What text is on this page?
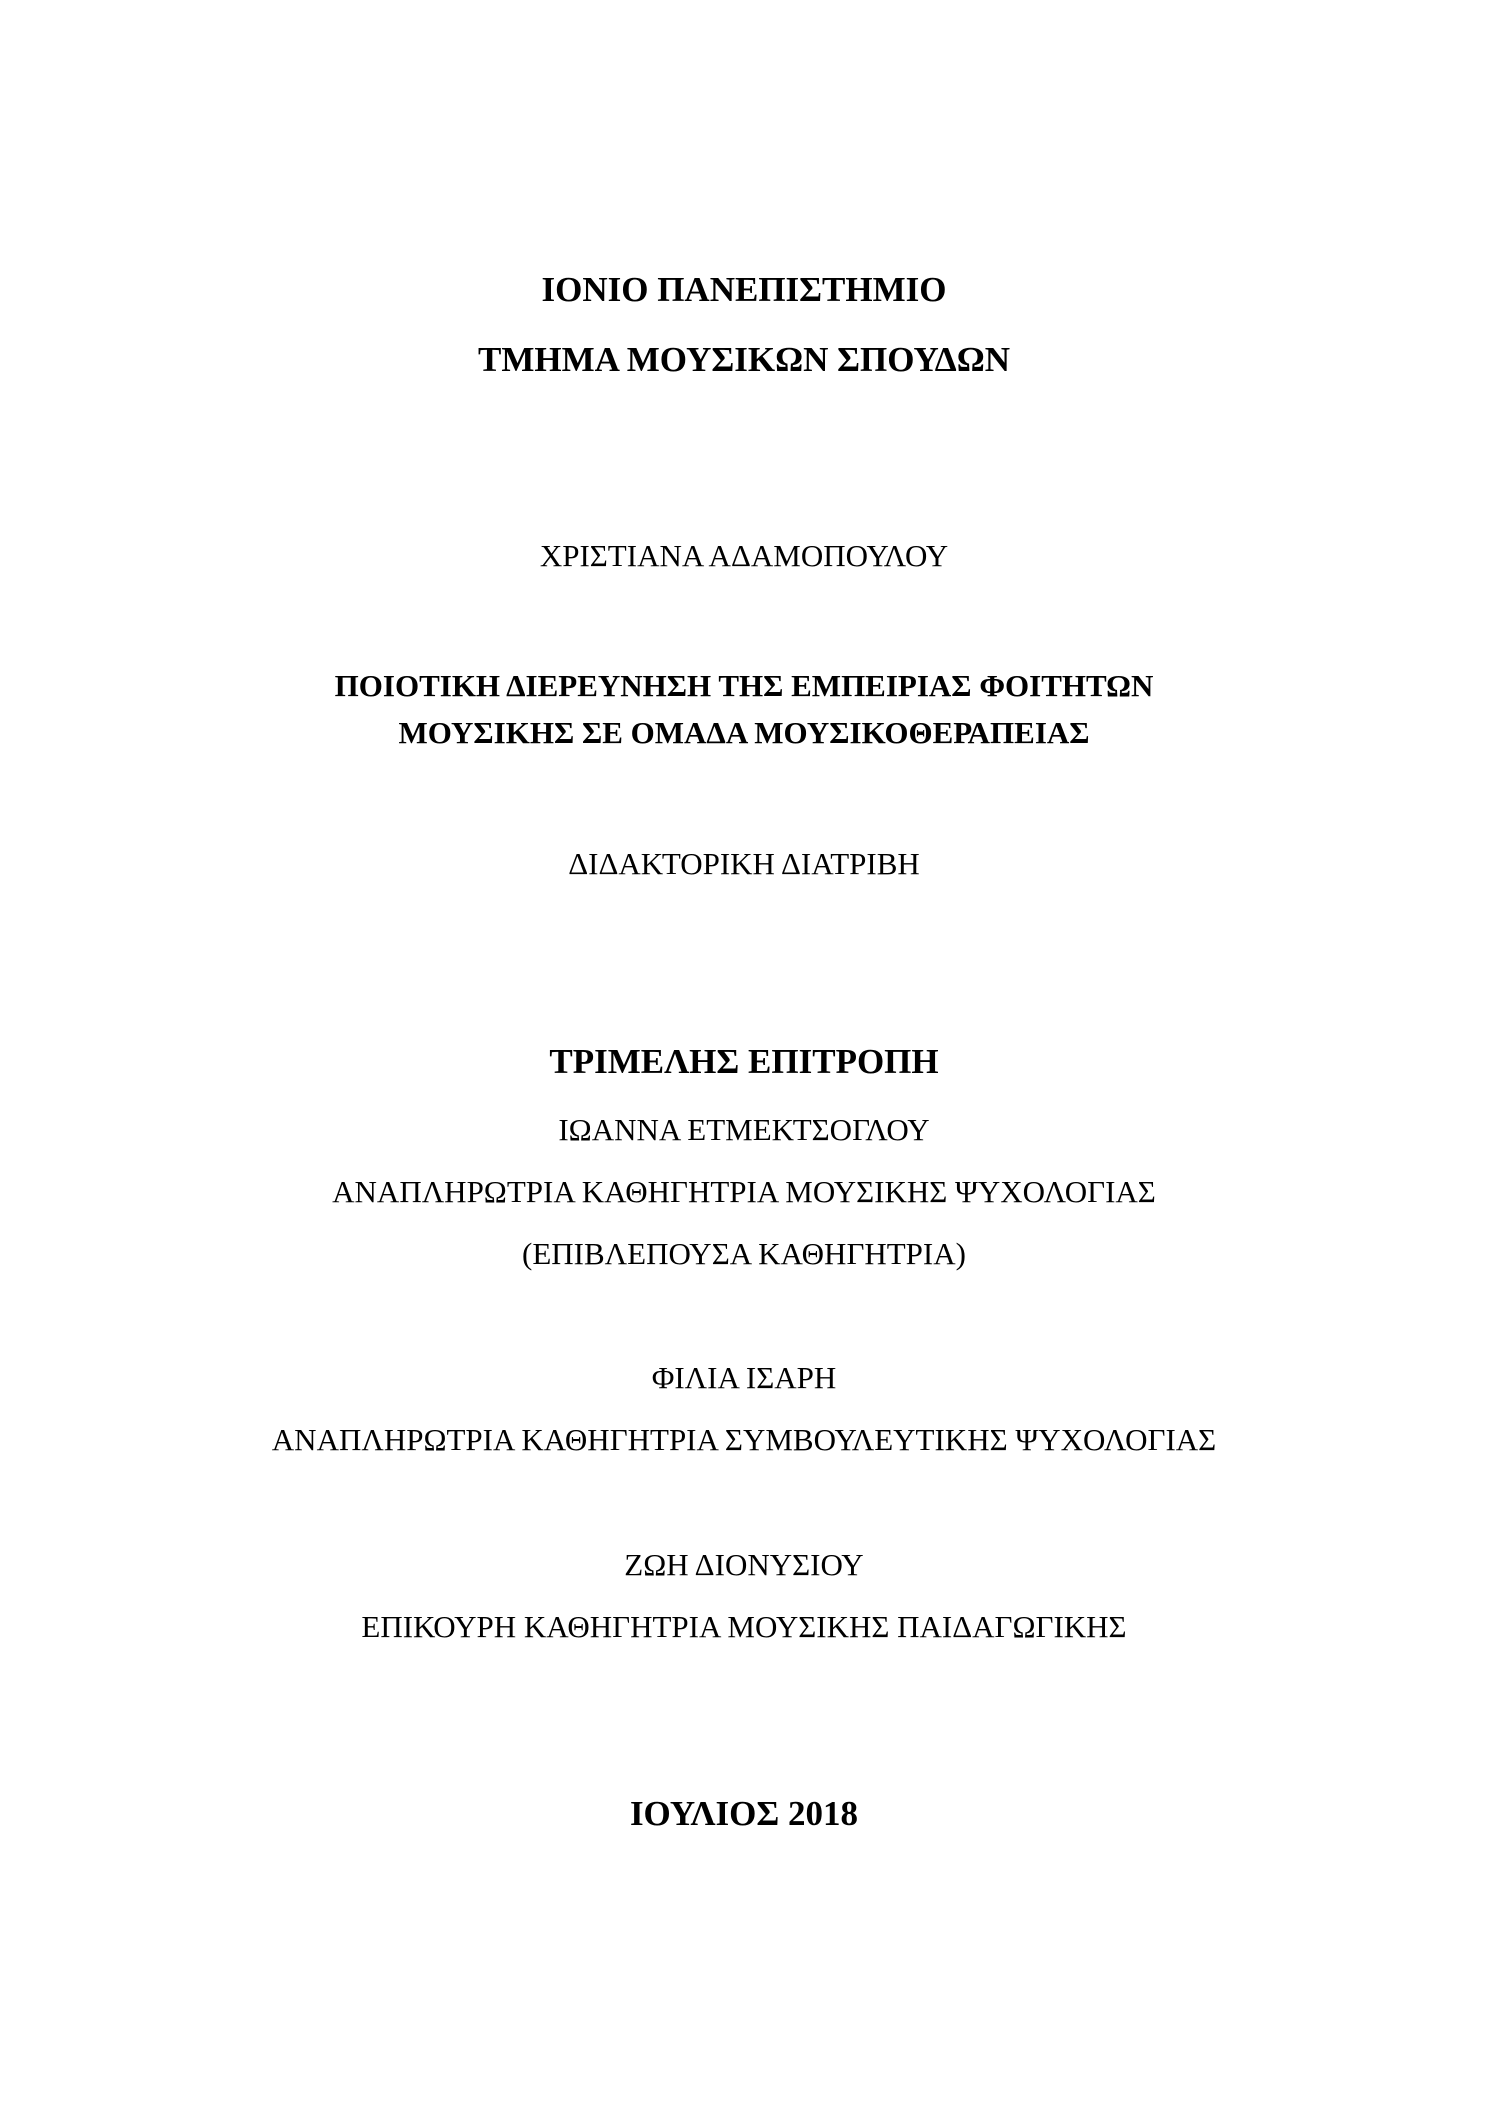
ΙΟΝΙΟ ΠΑΝΕΠΙΣΤΗΜΙΟ
ΤΜΗΜΑ ΜΟΥΣΙΚΩΝ ΣΠΟΥΔΩΝ
ΧΡΙΣΤΙΑΝΑ ΑΔΑΜΟΠΟΥΛΟΥ
ΠΟΙΟΤΙΚΗ ΔΙΕΡΕΥΝΗΣΗ ΤΗΣ ΕΜΠΕΙΡΙΑΣ ΦΟΙΤΗΤΩΝ
ΜΟΥΣΙΚΗΣ ΣΕ ΟΜΑΔΑ ΜΟΥΣΙΚΟΘΕΡΑΠΕΙΑΣ
ΔΙΔΑΚΤΟΡΙΚΗ ΔΙΑΤΡΙΒΗ
ΤΡΙΜΕΛΗΣ ΕΠΙΤΡΟΠΗ
ΙΩΑΝΝΑ ΕΤΜΕΚΤΣΟΓΛΟΥ
ΑΝΑΠΛΗΡΩΤΡΙΑ ΚΑΘΗΓΗΤΡΙΑ ΜΟΥΣΙΚΗΣ ΨΥΧΟΛΟΓΙΑΣ
(ΕΠΙΒΛΕΠΟΥΣΑ ΚΑΘΗΓΗΤΡΙΑ)
ΦΙΛΙΑ ΙΣΑΡΗ
ΑΝΑΠΛΗΡΩΤΡΙΑ ΚΑΘΗΓΗΤΡΙΑ ΣΥΜΒΟΥΛΕΥΤΙΚΗΣ ΨΥΧΟΛΟΓΙΑΣ
ΖΩΗ ΔΙΟΝΥΣΙΟΥ
ΕΠΙΚΟΥΡΗ ΚΑΘΗΓΗΤΡΙΑ ΜΟΥΣΙΚΗΣ ΠΑΙΔΑΓΩΓΙΚΗΣ
ΙΟΥΛΙΟΣ 2018
